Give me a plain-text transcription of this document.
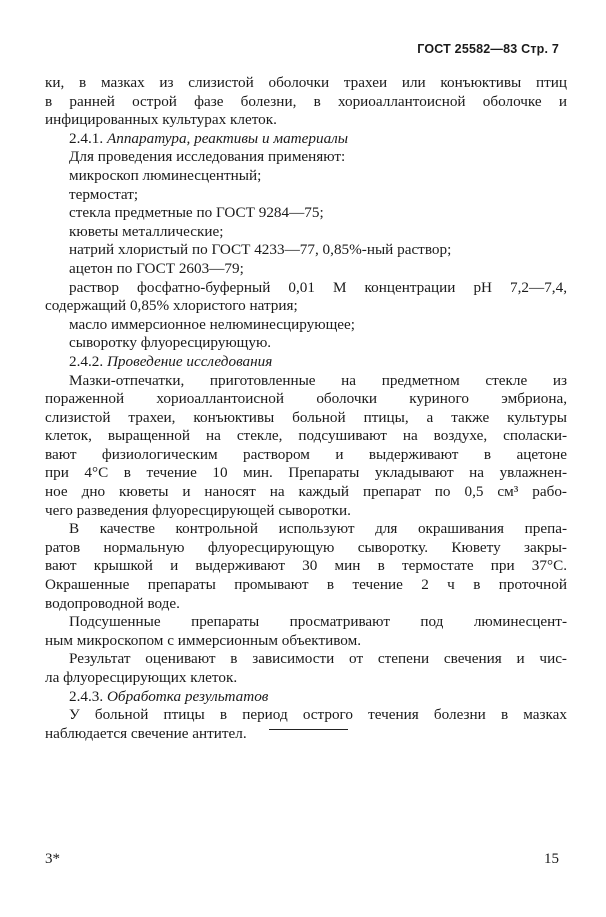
ГОСТ 25582—83 Стр. 7
ки, в мазках из слизистой оболочки трахеи или конъюктивы птиц
в ранней острой фазе болезни, в хориоаллантоисной оболочке и
инфицированных культурах клеток.
2.4.1. Аппаратура, реактивы и материалы
Для проведения исследования применяют:
микроскоп люминесцентный;
термостат;
стекла предметные по ГОСТ 9284—75;
кюветы металлические;
натрий хлористый по ГОСТ 4233—77, 0,85%-ный раствор;
ацетон по ГОСТ 2603—79;
раствор фосфатно-буферный 0,01 М концентрации рН 7,2—7,4,
содержащий 0,85% хлористого натрия;
масло иммерсионное нелюминесцирующее;
сыворотку флуоресцирующую.
2.4.2. Проведение исследования
Мазки-отпечатки, приготовленные на предметном стекле из
пораженной хориоаллантоисной оболочки куриного эмбриона,
слизистой трахеи, конъюктивы больной птицы, а также культуры
клеток, выращенной на стекле, подсушивают на воздухе, споласки-
вают физиологическим раствором и выдерживают в ацетоне
при 4°С в течение 10 мин. Препараты укладывают на увлажнен-
ное дно кюветы и наносят на каждый препарат по 0,5 см³ рабо-
чего разведения флуоресцирующей сыворотки.
В качестве контрольной используют для окрашивания препа-
ратов нормальную флуоресцирующую сыворотку. Кювету закры-
вают крышкой и выдерживают 30 мин в термостате при 37°С.
Окрашенные препараты промывают в течение 2 ч в проточной
водопроводной воде.
Подсушенные препараты просматривают под люминесцент-
ным микроскопом с иммерсионным объективом.
Результат оценивают в зависимости от степени свечения и чис-
ла флуоресцирующих клеток.
2.4.3. Обработка результатов
У больной птицы в период острого течения болезни в мазках
наблюдается свечение антител.
3*	15
